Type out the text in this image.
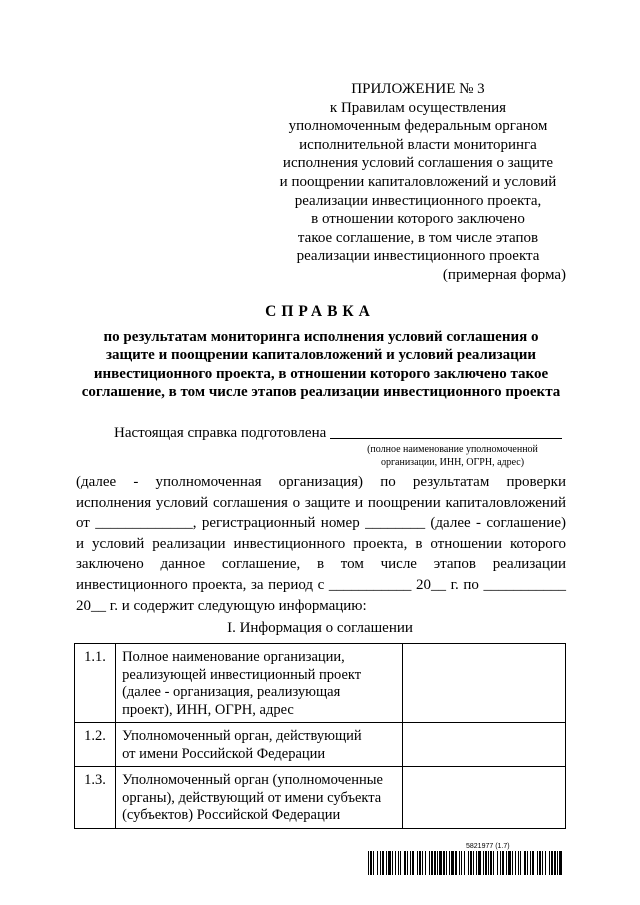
ПРИЛОЖЕНИЕ № 3
к Правилам осуществления
уполномоченным федеральным органом
исполнительной власти мониторинга
исполнения условий соглашения о защите
и поощрении капиталовложений и условий
реализации инвестиционного проекта,
в отношении которого заключено
такое соглашение, в том числе этапов
реализации инвестиционного проекта
(примерная форма)
СПРАВКА
по результатам мониторинга исполнения условий соглашения о
защите и поощрении капиталовложений и условий реализации
инвестиционного проекта, в отношении которого заключено такое
соглашение, в том числе этапов реализации инвестиционного проекта
Настоящая справка подготовлена
(полное наименование уполномоченной
организации, ИНН, ОГРН, адрес)
(далее - уполномоченная организация) по результатам проверки
исполнения условий соглашения о защите и поощрении капиталовложений
от _____________, регистрационный номер ________ (далее - соглашение)
и условий реализации инвестиционного проекта, в отношении которого
заключено данное соглашение, в том числе этапов реализации
инвестиционного проекта, за период с ___________ 20__ г. по ___________
20__ г. и содержит следующую информацию:
I. Информация о соглашении
1.1.	Полное наименование организации,
реализующей инвестиционный проект
(далее - организация, реализующая
проект), ИНН, ОГРН, адрес	

1.2.	Уполномоченный орган, действующий
от имени Российской Федерации	

1.3.	Уполномоченный орган (уполномоченные
органы), действующий от имени субъекта
(субъектов) Российской Федерации	

5821977 (1.7)
